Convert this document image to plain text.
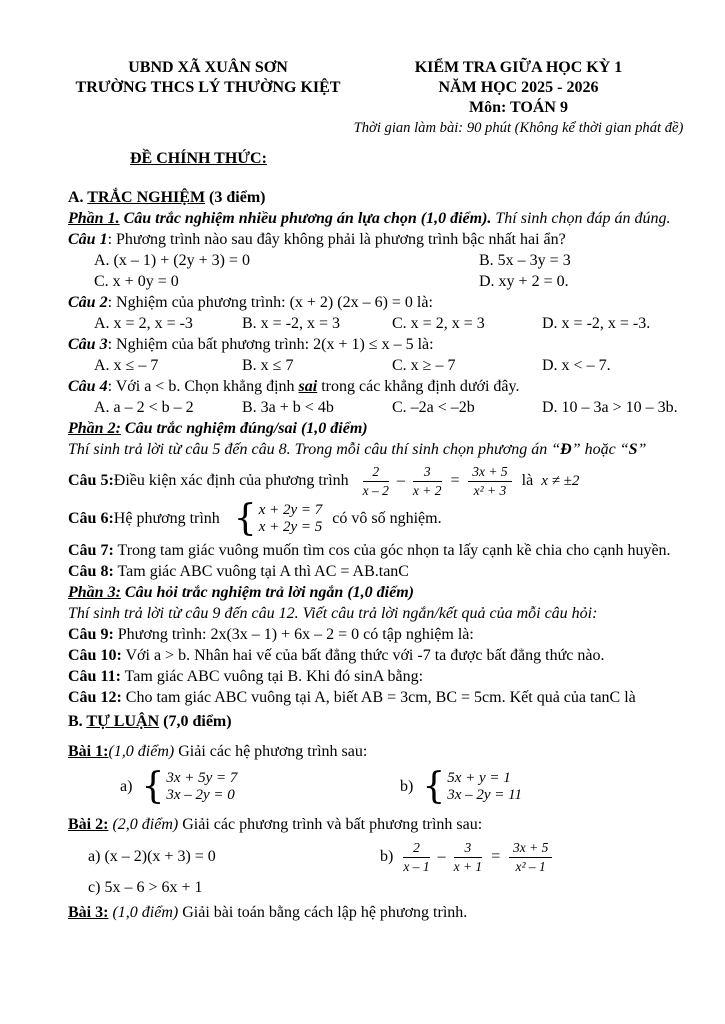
UBND XÃ XUÂN SƠN
TRƯỜNG THCS LÝ THƯỜNG KIỆT
KIỂM TRA GIỮA HỌC KỲ 1
NĂM HỌC 2025 - 2026
Môn: TOÁN 9
Thời gian làm bài: 90 phút (Không kể thời gian phát đề)

ĐỀ CHÍNH THỨC:

A. TRẮC NGHIỆM (3 điểm)

Phần 1. Câu trắc nghiệm nhiều phương án lựa chọn (1,0 điểm). Thí sinh chọn đáp án đúng.

Câu 1: Phương trình nào sau đây không phải là phương trình bậc nhất hai ẩn?

A. (x – 1) + (2y + 3) = 0	B. 5x – 3y = 3
C. x + 0y = 0	D. xy + 2 = 0.

Câu 2: Nghiệm của phương trình: (x + 2) (2x – 6) = 0 là:

A. x = 2, x = -3	B. x = -2, x = 3	C. x = 2, x = 3	D. x = -2, x = -3.

Câu 3: Nghiệm của bất phương trình: 2(x + 1) ≤ x – 5 là:

A. x ≤ – 7	B. x ≤ 7	C. x ≥ – 7	D. x < – 7.

Câu 4: Với a < b. Chọn khẳng định sai trong các khẳng định dưới đây.

A. a – 2 < b – 2	B. 3a + b < 4b	C. –2a < –2b	D. 10 – 3a > 10 – 3b.

Phần 2: Câu trắc nghiệm đúng/sai (1,0 điểm)

Thí sinh trả lời từ câu 5 đến câu 8. Trong mỗi câu thí sinh chọn phương án “Đ” hoặc “S”

Câu 5: Điều kiện xác định của phương trình $\frac{2}{x - 2} - \frac{3}{x + 2} = \frac{3x + 5}{\text{x² + 3}}$ là x ≠ ±2
Câu 6: Hệ phương trình	{ x + 2y = 7
x + 2y = 5 có vô số nghiệm.

Câu 7: Trong tam giác vuông muốn tìm cos của góc nhọn ta lấy cạnh kề chia cho cạnh huyền.

Câu 8: Tam giác ABC vuông tại A thì AC = AB.tanC

Phần 3: Câu hỏi trắc nghiệm trả lời ngắn (1,0 điểm)

Thí sinh trả lời từ câu 9 đến câu 12. Viết câu trả lời ngắn/kết quả của mỗi câu hỏi:

Câu 9: Phương trình: 2x(3x – 1) + 6x – 2 = 0 có tập nghiệm là:

Câu 10: Với a > b. Nhân hai vế của bất đẳng thức với -7 ta được bất đẳng thức nào.

Câu 11: Tam giác ABC vuông tại B. Khi đó sinA bằng:

Câu 12: Cho tam giác ABC vuông tại A, biết AB = 3cm, BC = 5cm. Kết quả của tanC là

B. TỰ LUẬN (7,0 điểm)

Bài 1:(1,0 điểm) Giải các hệ phương trình sau:

a) { 3x + 5y = 7
3x – 2y = 0	b) { 5x + y = 1
3x – 2y = 11

Bài 2: (2,0 điểm) Giải các phương trình và bất phương trình sau:

a) (x – 2)(x + 3) = 0	$b) \frac{2}{x - 1} - \frac{3}{x + 1} = \frac{3x + 5}{\text{x² – 1}}$
c) 5x – 6 > 6x + 1

Bài 3: (1,0 điểm) Giải bài toán bằng cách lập hệ phương trình.
